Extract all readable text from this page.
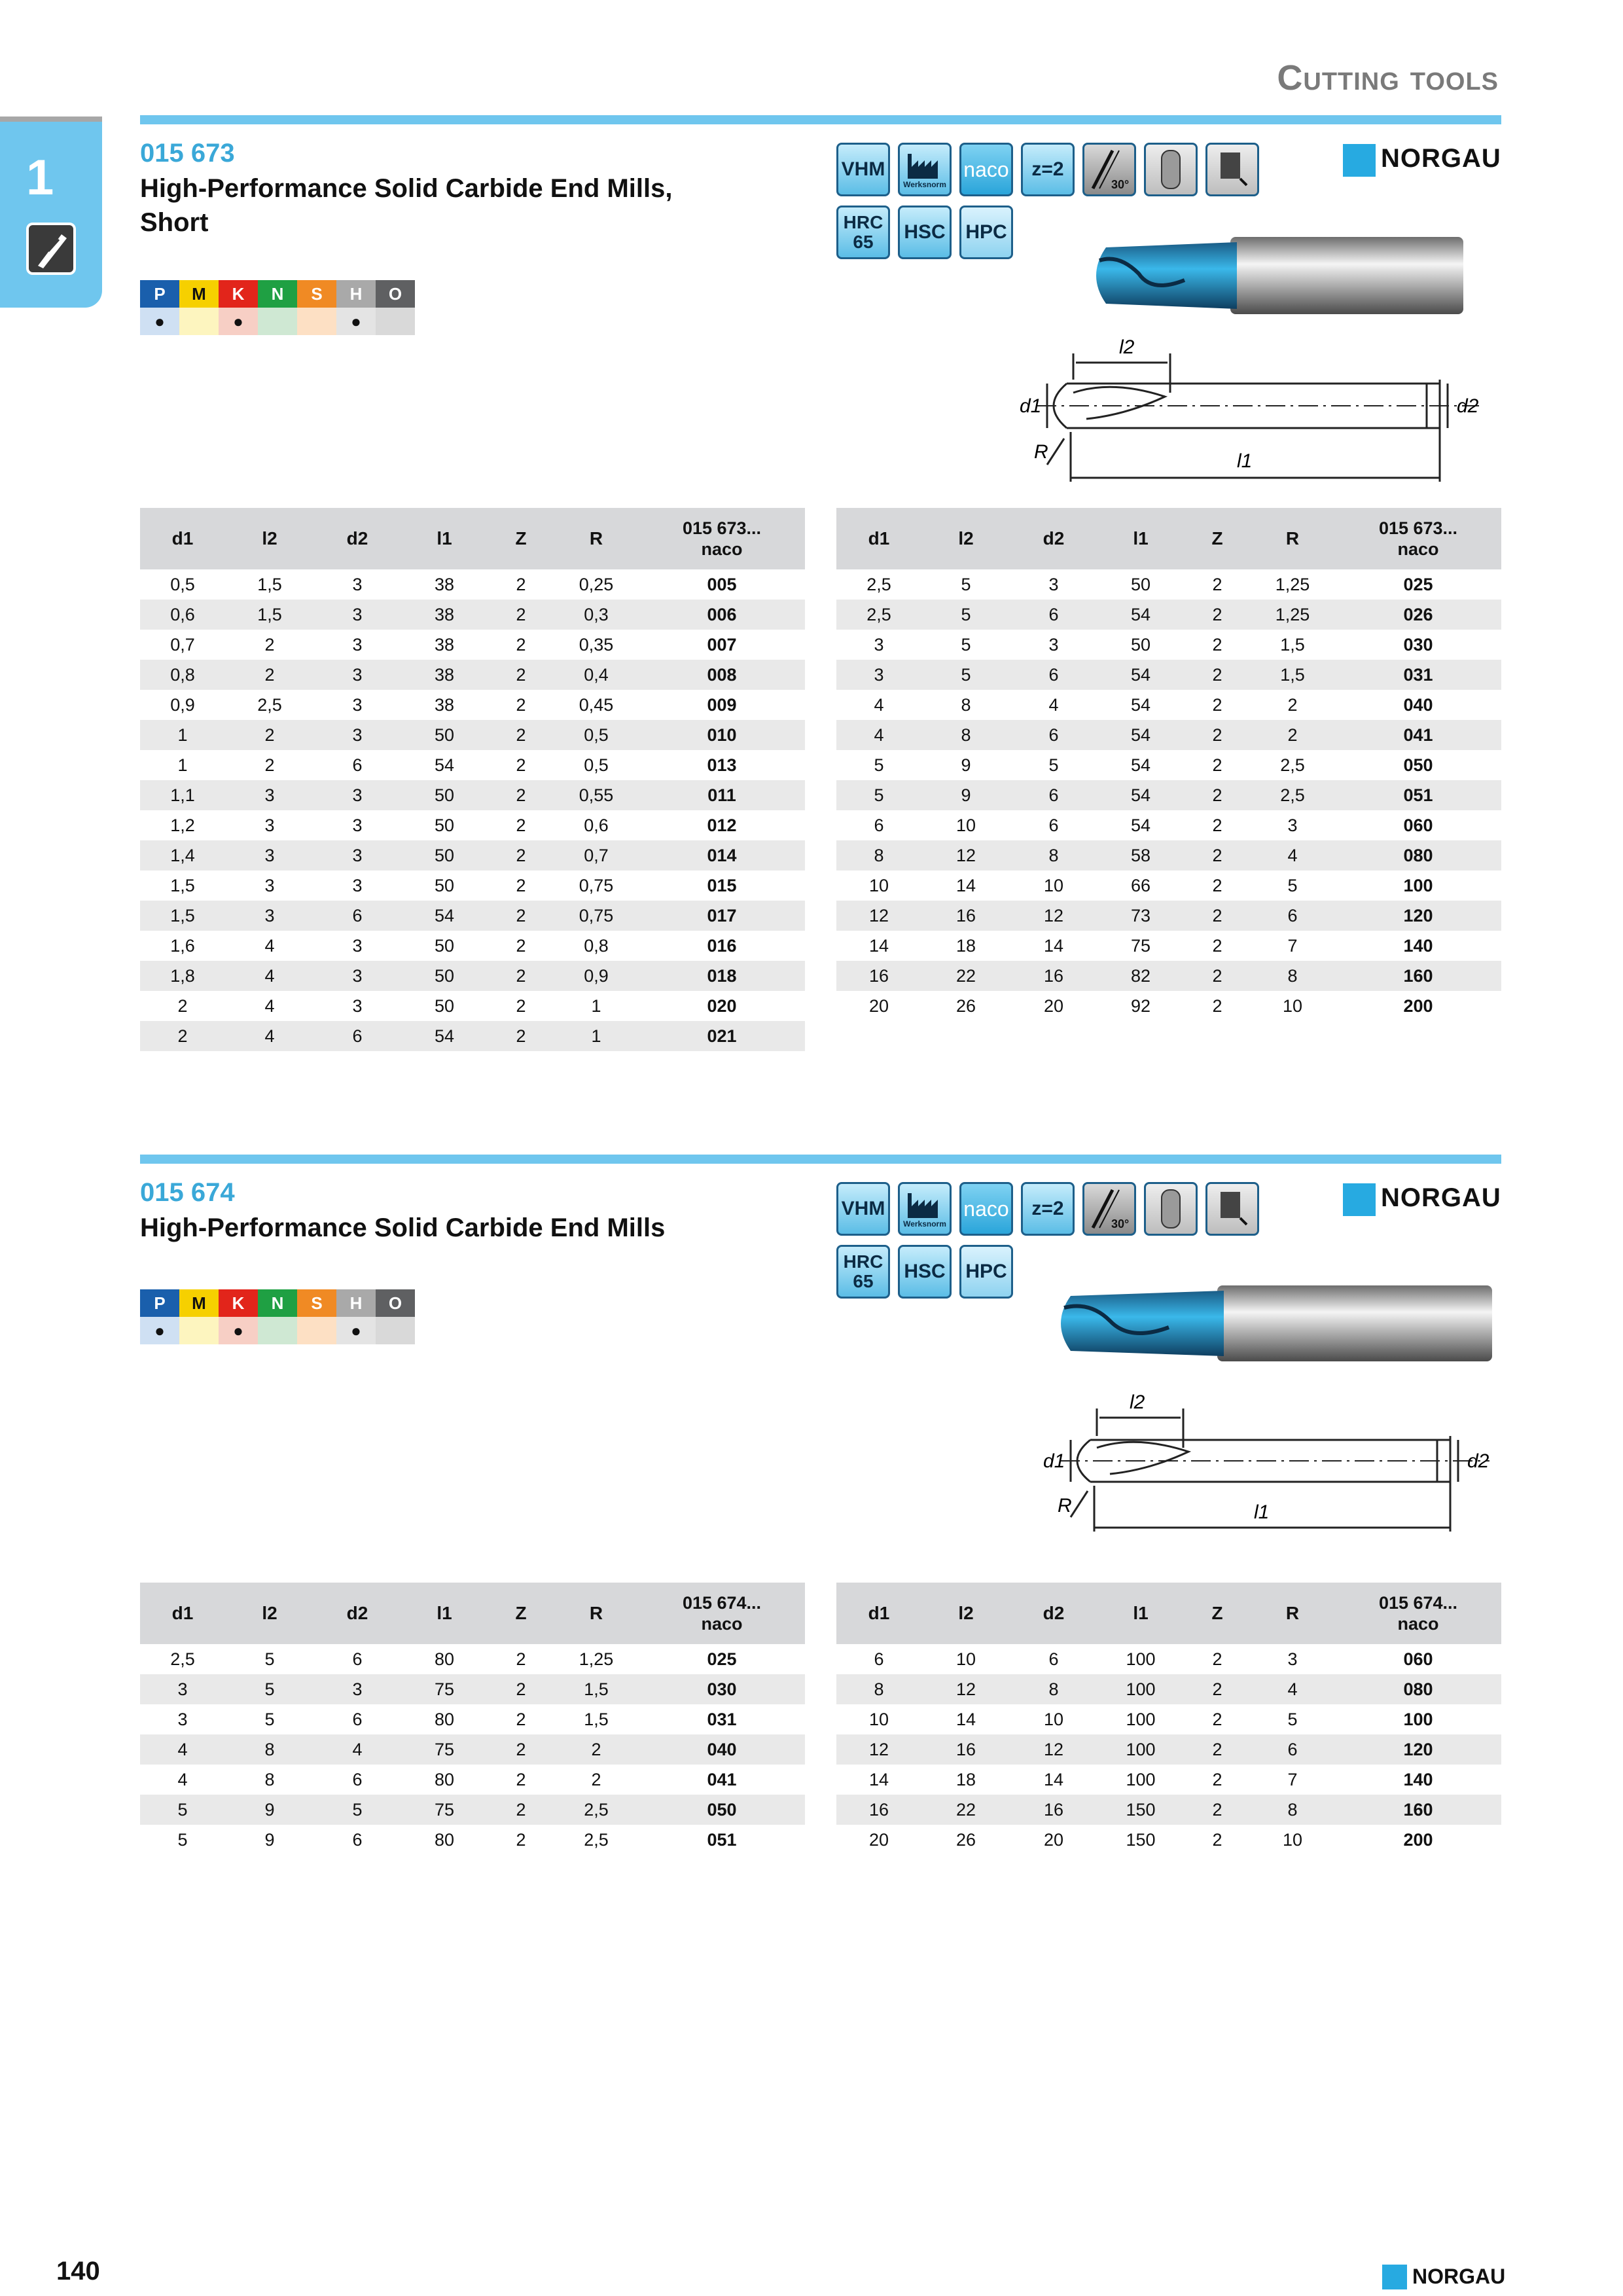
Cutting tools
1	015 673
High-Performance Solid Carbide End Mills,
Short
P	M	K	N	S	H	O
●	●	●
VHM
Werksnorm
naco	z=2
30°
HRC 65	HSC	HPC
NORGAU
l2
d1	d2
R	l1
d1	l2	d2	l1	Z	R	015 673...
naco

0,5	1,5	3	38	2	0,25	005
0,6	1,5	3	38	2	0,3	006
0,7	2	3	38	2	0,35	007
0,8	2	3	38	2	0,4	008
0,9	2,5	3	38	2	0,45	009
1	2	3	50	2	0,5	010
1	2	6	54	2	0,5	013
1,1	3	3	50	2	0,55	011
1,2	3	3	50	2	0,6	012
1,4	3	3	50	2	0,7	014
1,5	3	3	50	2	0,75	015
1,5	3	6	54	2	0,75	017
1,6	4	3	50	2	0,8	016
1,8	4	3	50	2	0,9	018
2	4	3	50	2	1	020
2	4	6	54	2	1	021
d1	l2	d2	l1	Z	R	015 673...
naco

2,5	5	3	50	2	1,25	025
2,5	5	6	54	2	1,25	026
3	5	3	50	2	1,5	030
3	5	6	54	2	1,5	031
4	8	4	54	2	2	040
4	8	6	54	2	2	041
5	9	5	54	2	2,5	050
5	9	6	54	2	2,5	051
6	10	6	54	2	3	060
8	12	8	58	2	4	080
10	14	10	66	2	5	100
12	16	12	73	2	6	120
14	18	14	75	2	7	140
16	22	16	82	2	8	160
20	26	20	92	2	10	200
015 674
High-Performance Solid Carbide End Mills
P	M	K	N	S	H	O
●	●	●
VHM
Werksnorm
naco	z=2
30°
HRC 65	HSC	HPC
NORGAU
l2
d1	d2
R	l1
d1	l2	d2	l1	Z	R	015 674...
naco

2,5	5	6	80	2	1,25	025
3	5	3	75	2	1,5	030
3	5	6	80	2	1,5	031
4	8	4	75	2	2	040
4	8	6	80	2	2	041
5	9	5	75	2	2,5	050
5	9	6	80	2	2,5	051
d1	l2	d2	l1	Z	R	015 674...
naco

6	10	6	100	2	3	060
8	12	8	100	2	4	080
10	14	10	100	2	5	100
12	16	12	100	2	6	120
14	18	14	100	2	7	140
16	22	16	150	2	8	160
20	26	20	150	2	10	200
140	NORGAU
